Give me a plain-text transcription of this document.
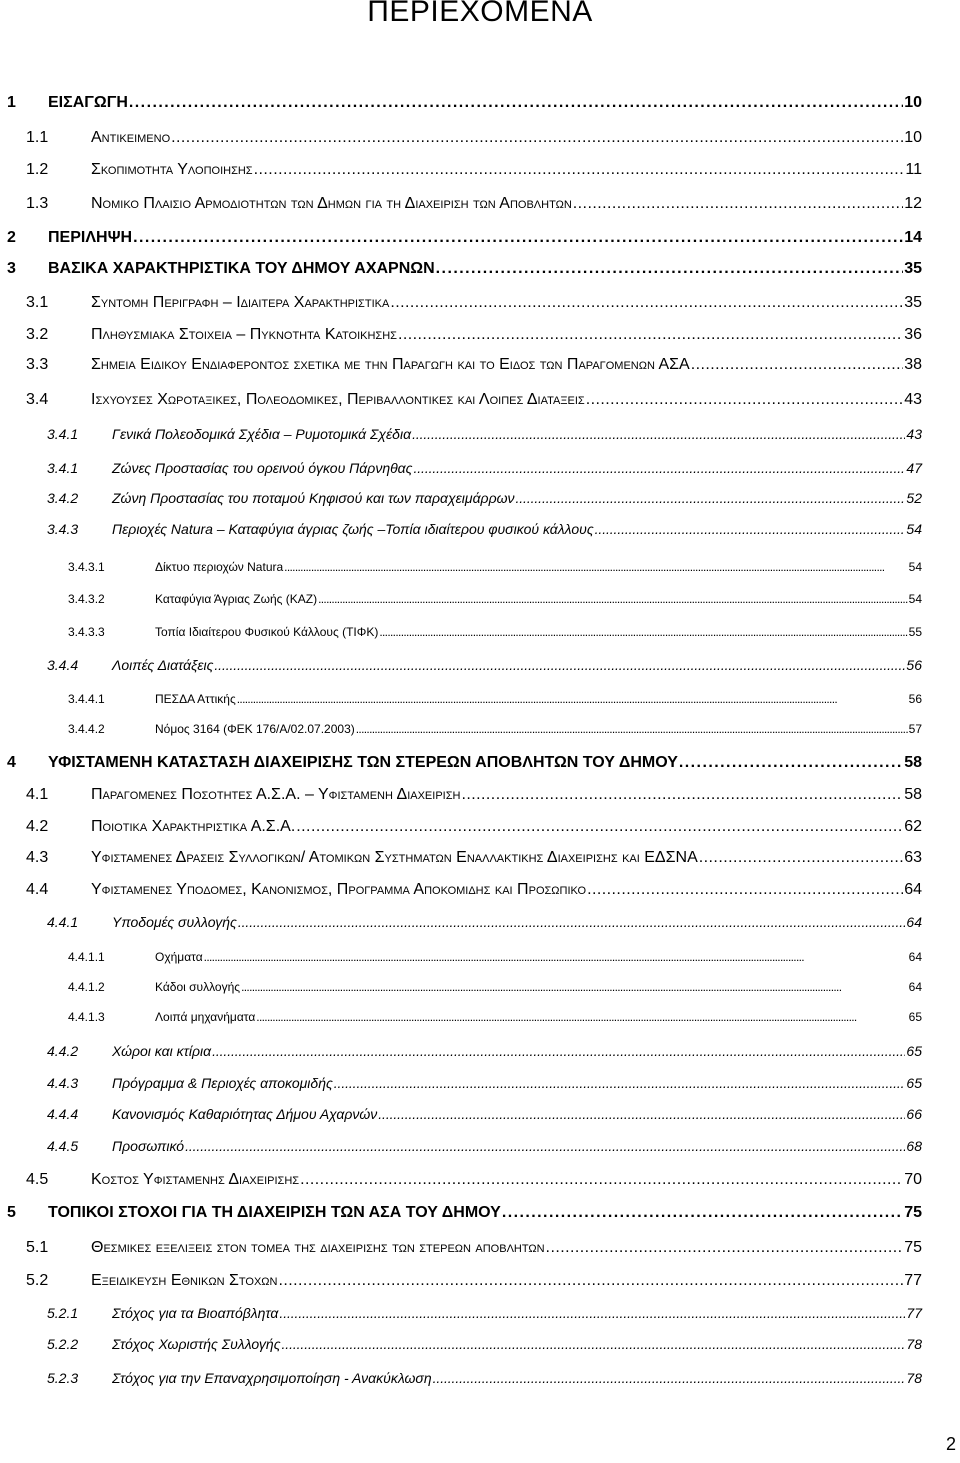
ΠΕΡΙΕΧΟΜΕΝΑ
1 ΕΙΣΑΓΩΓΗ . . .	10
1.1	Αντικειμενο . . .	10
1.2	Σκοπιμοτητα Υλοποιησησ . . .	11
1.3	Νομικο Πλαισιο Αρμοδιοτητων των Δημων για τη Διαχειριση των Αποβλητων . . .	12
2 ΠΕΡΙΛΗΨΗ . . .	14
3 ΒΑΣΙΚΑ ΧΑΡΑΚΤΗΡΙΣΤΙΚΑ ΤΟΥ ΔΗΜΟΥ ΑΧΑΡΝΩΝ . . .	35
3.1	Συντομη Περιγραφη – Ιδιαιτερα Χαρακτηριστικα . . .	35
3.2	Πληθυσμιακα Στοιχεια – Πυκνοτητα Κατοικησησ . . .	36
3.3	Σημεια Ειδικου Ενδιαφεροντοσ σχετικα με την Παραγωγη και το Ειδοσ των Παραγομενων ΑΣΑ . . .	38
3.4	Ισχυουσεσ Χωροταξικεσ, Πολεοδομικεσ, Περιβαλλοντικεσ και Λοιπεσ Διαταξεισ . . .	43
3.4.1 Γενικά Πολεοδομικά Σχέδια – Ρυμοτομικά Σχέδια . . .	43
3.4.1 Ζώνες Προστασίας του ορεινού όγκου Πάρνηθας . . .	47
3.4.2 Ζώνη Προστασίας του ποταμού Κηφισού και των παραχειμάρρων . . .	52
3.4.3 Περιοχές Natura – Καταφύγια άγριας ζωής –Τοπία ιδιαίτερου φυσικού κάλλους . . .	54
3.4.3.1	Δίκτυο περιοχών Natura . . .	54
3.4.3.2	Καταφύγια Άγριας Ζωής (ΚΑΖ) . . .	54
3.4.3.3	Τοπία Ιδιαίτερου Φυσικού Κάλλους (ΤΙΦΚ) . . .	55
3.4.4 Λοιπές Διατάξεις . . .	56
3.4.4.1	ΠΕΣΔΑ Αττικής . . .	56
3.4.4.2	Νόμος 3164 (ΦΕΚ 176/Α/02.07.2003) . . .	57
4 ΥΦΙΣΤΑΜΕΝΗ ΚΑΤΑΣΤΑΣΗ ΔΙΑΧΕΙΡΙΣΗΣ ΤΩΝ ΣΤΕΡΕΩΝ ΑΠΟΒΛΗΤΩΝ ΤΟΥ ΔΗΜΟΥ . . .	58
4.1	Παραγομενεσ Ποσοτητεσ Α.Σ.Α. – Υφισταμενη Διαχειριση . . .	58
4.2	Ποιοτικα Χαρακτηριστικα Α.Σ.Α. . . .	62
4.3	Υφισταμενεσ Δρασεισ Συλλογικων/ Ατομικων Συστηματων Εναλλακτικησ Διαχειρισησ και ΕΔΣΝΑ . . .	63
4.4	Υφισταμενεσ Υποδομεσ, Κανονισμοσ, Προγραμμα Αποκομιδησ και Προσωπικο . . .	64
4.4.1 Υποδομές συλλογής . . .	64
4.4.1.1	Οχήματα . . .	64
4.4.1.2	Κάδοι συλλογής . . .	64
4.4.1.3	Λοιπά μηχανήματα . . .	65
4.4.2 Χώροι και κτίρια . . .	65
4.4.3 Πρόγραμμα & Περιοχές αποκομιδής . . .	65
4.4.4 Κανονισμός Καθαριότητας Δήμου Αχαρνών . . .	66
4.4.5 Προσωπικό . . .	68
4.5	Κοστοσ Υφισταμενησ Διαχειρισησ . . .	70
5 ΤΟΠΙΚΟΙ ΣΤΟΧΟΙ ΓΙΑ ΤΗ ΔΙΑΧΕΙΡΙΣΗ ΤΩΝ ΑΣΑ ΤΟΥ ΔΗΜΟΥ . . .	75
5.1	Θεσμικεσ εξελιξεισ στον τομεα τησ διαχειρισησ των στερεων αποβλητων . . .	75
5.2	Εξειδικευση Εθνικων Στοχων . . .	77
5.2.1 Στόχος για τα Βιοαπόβλητα . . .	77
5.2.2 Στόχος Χωριστής Συλλογής . . .	78
5.2.3 Στόχος για την Επαναχρησιμοποίηση - Ανακύκλωση . . .	78
2
